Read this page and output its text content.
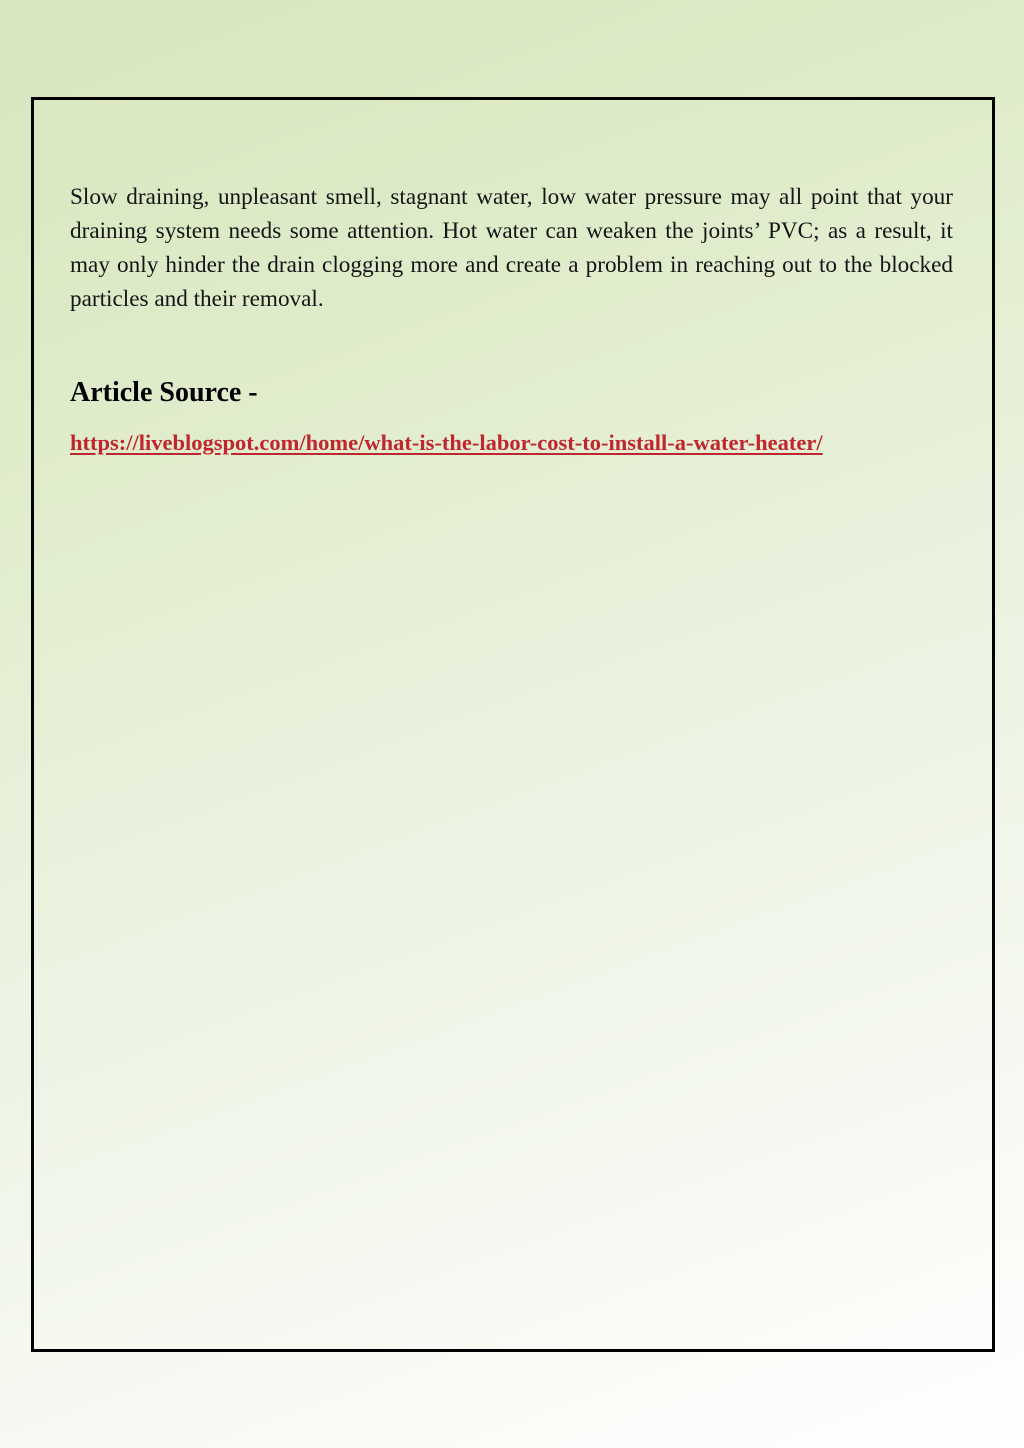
Slow draining, unpleasant smell, stagnant water, low water pressure may all point that your draining system needs some attention. Hot water can weaken the joints’ PVC; as a result, it may only hinder the drain clogging more and create a problem in reaching out to the blocked particles and their removal.

Article Source -
https://liveblogspot.com/home/what-is-the-labor-cost-to-install-a-water-heater/
